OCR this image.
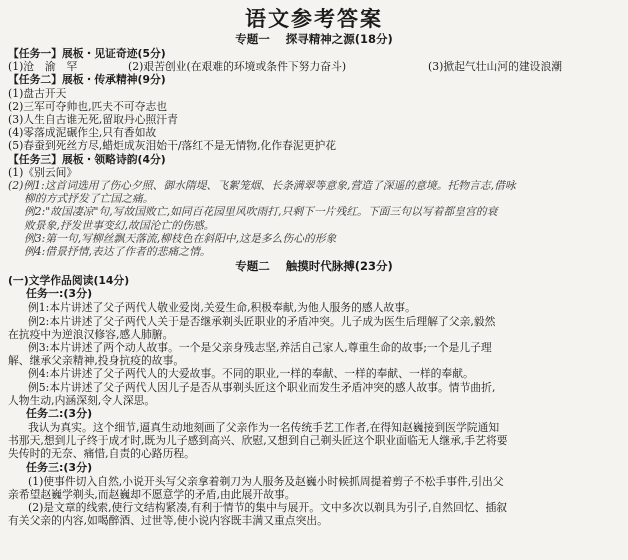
语文参考答案
专题一 探寻精神之源(18分)
【任务一】展板・见证奇迹(5分)
(1)沧　渝　罕	(2)艰苦创业(在艰难的环境或条件下努力奋斗)	(3)掀起气壮山河的建设浪潮
【任务二】展板・传承精神(9分)
(1)盘古开天
(2)三军可夺帅也,匹夫不可夺志也
(3)人生自古谁无死,留取丹心照汗青
(4)零落成泥碾作尘,只有香如故
(5)春蚕到死丝方尽,蜡炬成灰泪始干/落红不是无情物,化作春泥更护花
【任务三】展板・领略诗韵(4分)
(1)《别云间》
(2)例1:这首词选用了伤心夕照、御水隋堤、飞絮笼烟、长条满翠等意象,营造了深遥的意境。托物言志,借咏
柳的方式抒发了亡国之痛。
例2:"故国凄凉"句,写故国败亡,如同百花园里风吹雨打,只剩下一片残红。下面三句以写着都皇宫的衰
败景象,抒发世事变幻,故国沦亡的伤感。
例3:第一句,写柳丝飘天落流,柳枝色在斜阳中,这是多么伤心的形象
例4:借景抒情,表达了作者的悲痛之情。
专题二 触摸时代脉搏(23分)
(一)文学作品阅读(14分)
任务一:(3分)
例1:本片讲述了父子两代人敬业爱岗,关爱生命,积极奉献,为他人服务的感人故事。
例2:本片讲述了父子两代人关于是否继承剃头匠职业的矛盾冲突。儿子成为医生后理解了父亲,毅然
在抗疫中为逆浪汉修容,感人肺腑。
例3:本片讲述了两个动人故事。一个是父亲身残志坚,养活自己家人,尊重生命的故事;一个是儿子理
解、继承父亲精神,投身抗疫的故事。
例4:本片讲述了父子两代人的大爱故事。不同的职业,一样的奉献、一样的奉献、一样的奉献。
例5:本片讲述了父子两代人因儿子是否从事剃头匠这个职业而发生矛盾冲突的感人故事。情节曲折,
人物生动,内涵深刻,令人深思。
任务二:(3分)
我认为真实。这个细节,逼真生动地刻画了父亲作为一名传统手艺工作者,在得知赵巍接到医学院通知
书那天,想到儿子终于成才时,既为儿子感到高兴、欣慰,又想到自己剃头匠这个职业面临无人继承,手艺将要
失传时的无奈、痛惜,自责的心路历程。
任务三:(3分)
(1)使事件切入自然,小说开头写父亲拿着剃刀为人服务及赵巍小时候抓周提着剪子不松手事件,引出父
亲希望赵巍学剃头,而赵巍却不愿意学的矛盾,由此展开故事。
(2)是文章的线索,使行文结构紧凑,有利于情节的集中与展开。文中多次以剃具为引子,自然回忆、插叙
有关父亲的内容,如喝醉酒、过世等,使小说内容既丰满又重点突出。
